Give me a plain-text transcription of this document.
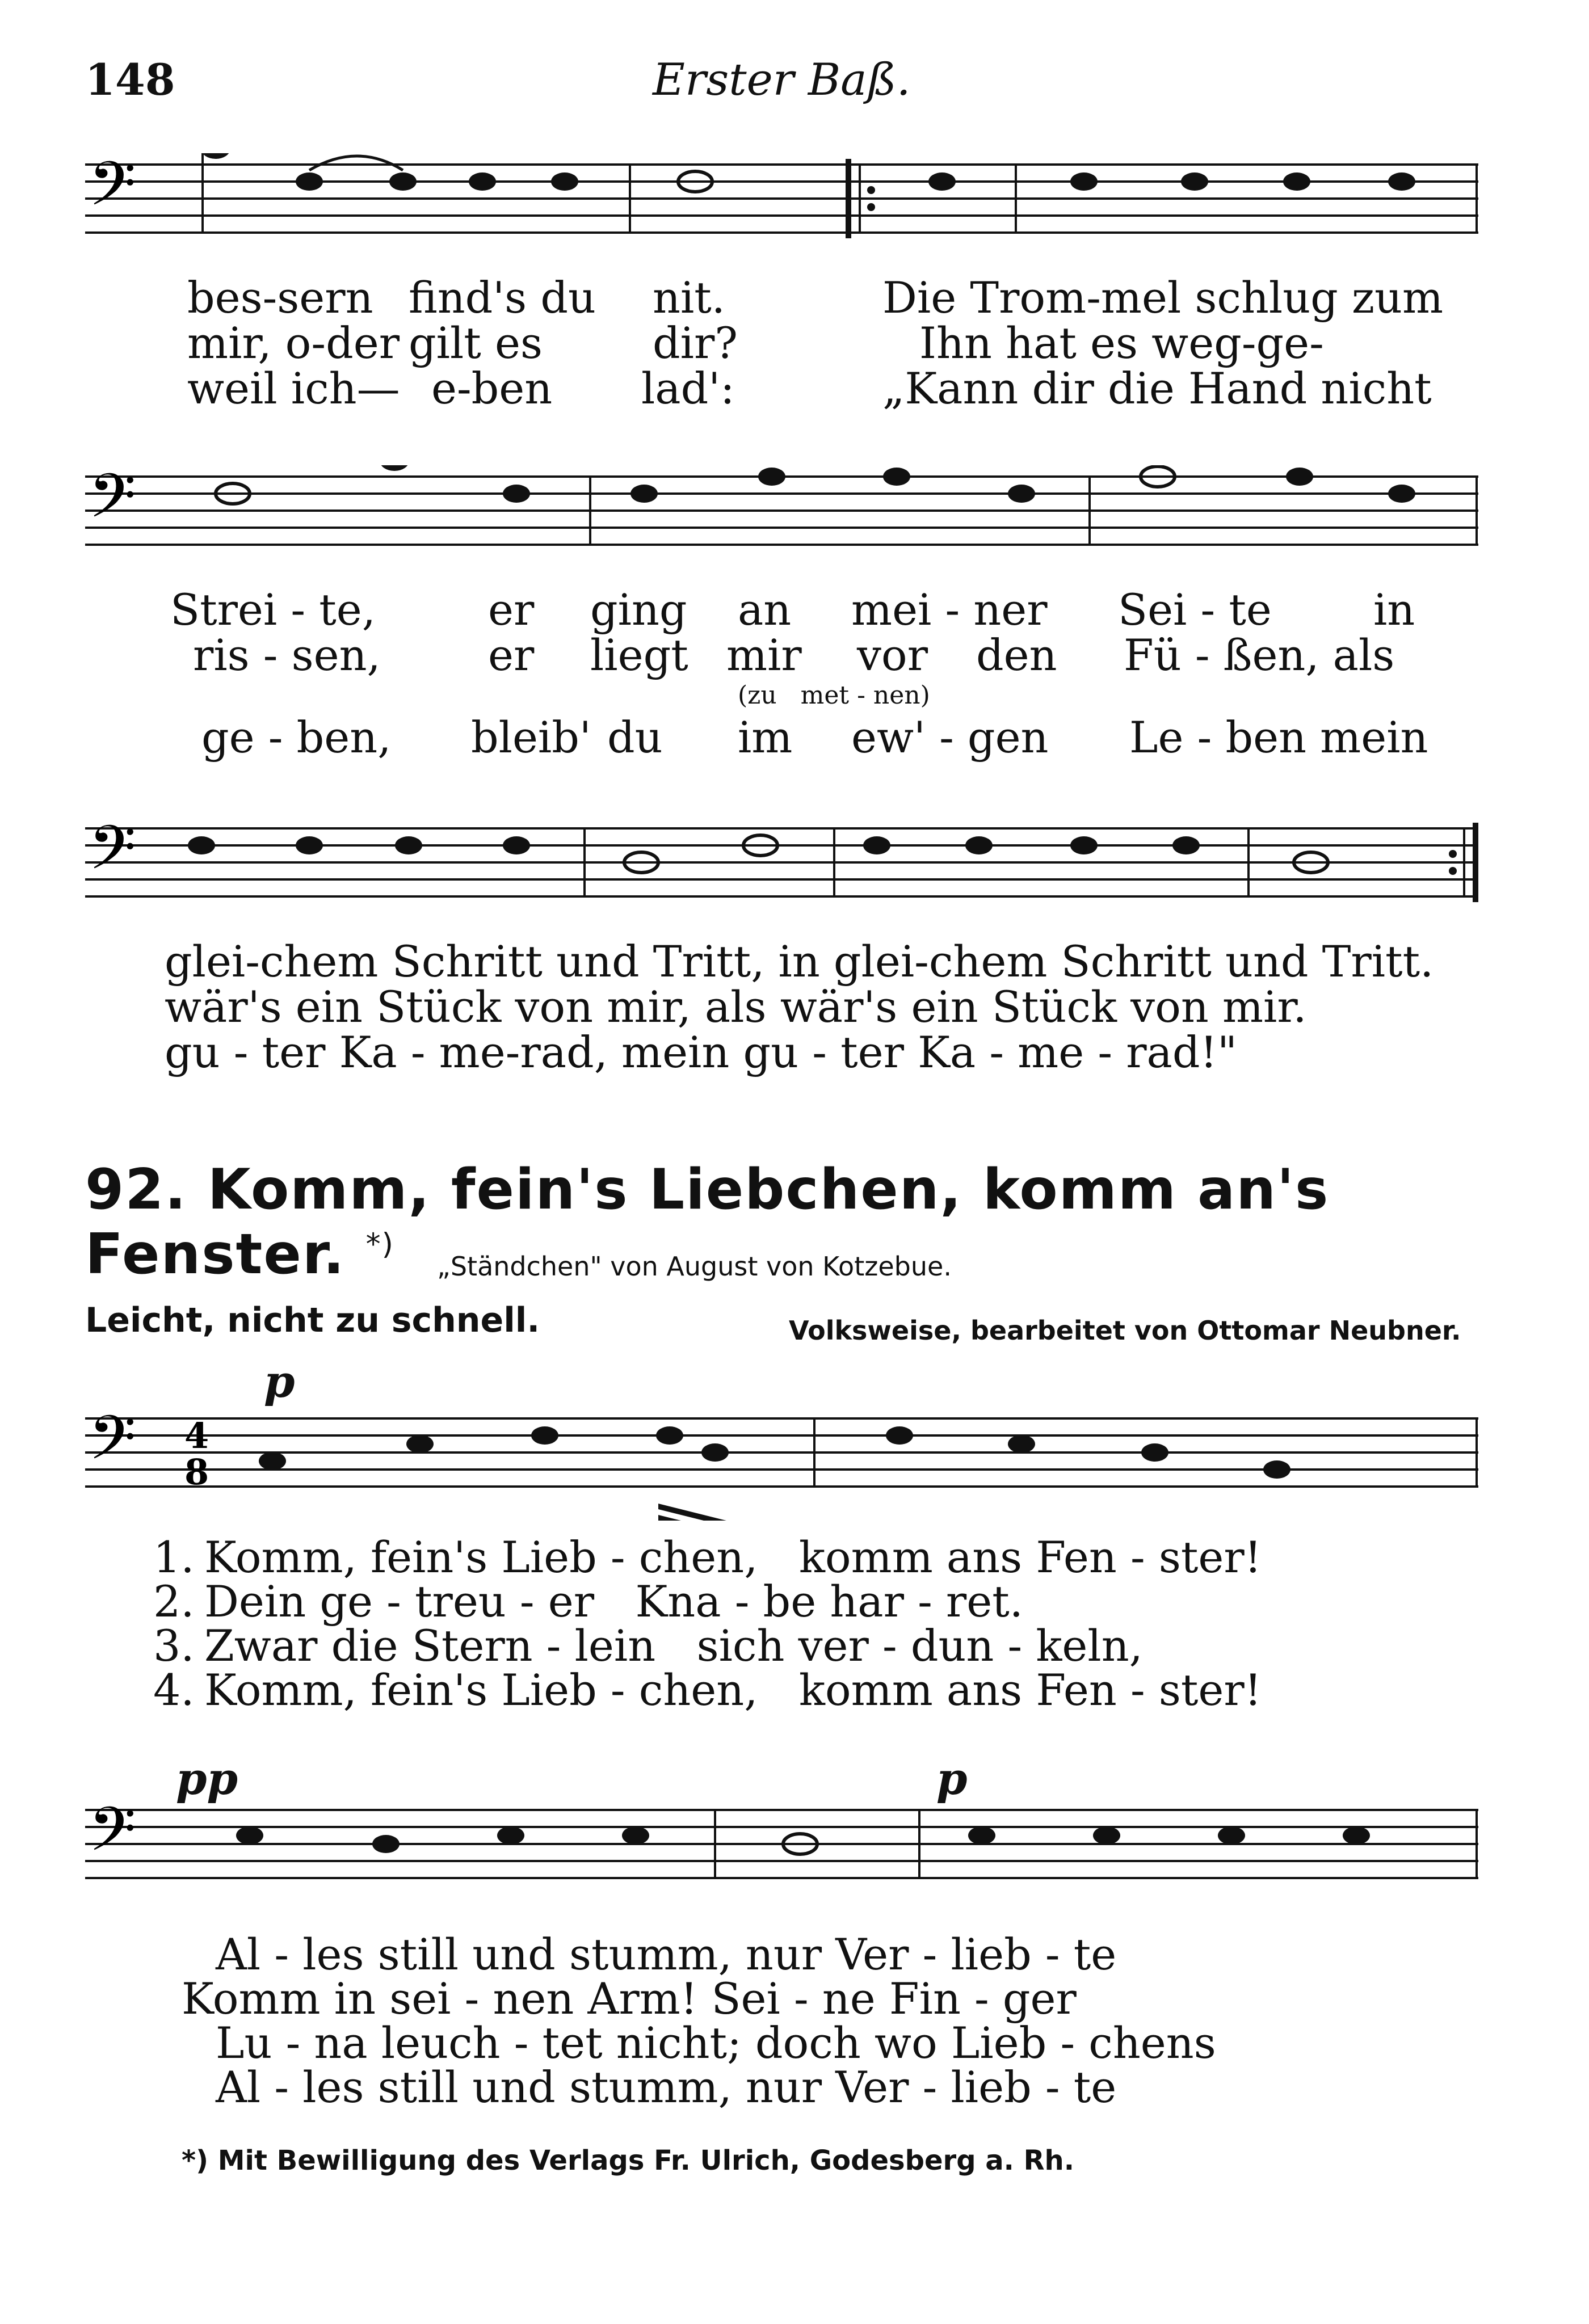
148	Erster Baß.
𝄢
bes-sern find's du nit.	Die Trom-mel schlug zum
mir, o-der gilt es	dir?	Ihn hat es weg-ge-
weil ich— e-ben lad':	„Kann dir die Hand nicht
𝄢
Strei - te,	er ging an mei - ner Sei - te in
ris - sen, er liegt mir vor den Fü - ßen, als
(zu   met - nen)
ge - ben, bleib' du im ew' - gen Le - ben mein
𝄢
glei-chem Schritt und Tritt, in glei-chem Schritt und Tritt.
wär's ein Stück von mir, als wär's ein Stück von mir.
gu - ter Ka - me-rad, mein gu - ter Ka - me - rad!"
92. Komm, fein's Liebchen, komm an's Fenster. *)
„Ständchen" von August von Kotzebue.
Leicht, nicht zu schnell.	Volksweise, bearbeitet von Ottomar Neubner.
p
𝄢 4
8
1. Komm, fein's Lieb - chen,   komm ans Fen - ster!
2. Dein ge - treu - er   Kna - be har - ret.
3. Zwar die Stern - lein   sich ver - dun - keln,
4. Komm, fein's Lieb - chen,   komm ans Fen - ster!
pp	p
𝄢
Al - les still und stumm, nur Ver - lieb - te
Komm in sei - nen Arm! Sei - ne Fin - ger
Lu - na leuch - tet nicht; doch wo Lieb - chens
Al - les still und stumm, nur Ver - lieb - te
*) Mit Bewilligung des Verlags Fr. Ulrich, Godesberg a. Rh.
